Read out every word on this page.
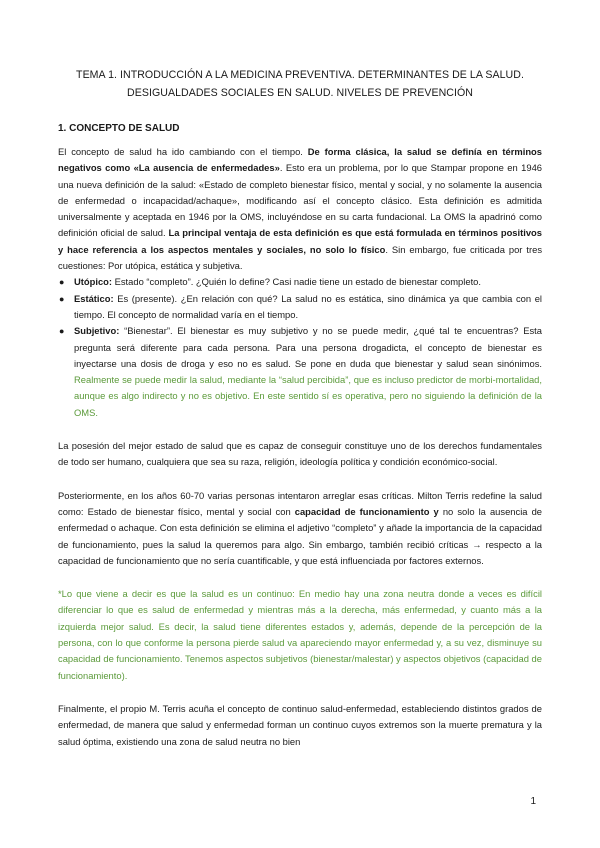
TEMA 1. INTRODUCCIÓN A LA MEDICINA PREVENTIVA. DETERMINANTES DE LA SALUD.
DESIGUALDADES SOCIALES EN SALUD. NIVELES DE PREVENCIÓN
1. CONCEPTO DE SALUD

El concepto de salud ha ido cambiando con el tiempo. De forma clásica, la salud se definía en términos negativos como «La ausencia de enfermedades». Esto era un problema, por lo que Stampar propone en 1946 una nueva definición de la salud: «Estado de completo bienestar físico, mental y social, y no solamente la ausencia de enfermedad o incapacidad/achaque», modificando así el concepto clásico. Esta definición es admitida universalmente y aceptada en 1946 por la OMS, incluyéndose en su carta fundacional. La OMS la apadrinó como definición oficial de salud. La principal ventaja de esta definición es que está formulada en términos positivos y hace referencia a los aspectos mentales y sociales, no solo lo físico. Sin embargo, fue criticada por tres cuestiones: Por utópica, estática y subjetiva.

● Utópico: Estado “completo”. ¿Quién lo define? Casi nadie tiene un estado de bienestar completo.
● Estático: Es (presente). ¿En relación con qué? La salud no es estática, sino dinámica ya que cambia con el tiempo. El concepto de normalidad varía en el tiempo.
● Subjetivo: “Bienestar”. El bienestar es muy subjetivo y no se puede medir, ¿qué tal te encuentras? Esta pregunta será diferente para cada persona. Para una persona drogadicta, el concepto de bienestar es inyectarse una dosis de droga y eso no es salud. Se pone en duda que bienestar y salud sean sinónimos. Realmente se puede medir la salud, mediante la “salud percibida”, que es incluso predictor de morbi-mortalidad, aunque es algo indirecto y no es objetivo. En este sentido sí es operativa, pero no siguiendo la definición de la OMS.

La posesión del mejor estado de salud que es capaz de conseguir constituye uno de los derechos fundamentales de todo ser humano, cualquiera que sea su raza, religión, ideología política y condición económico-social.

Posteriormente, en los años 60-70 varias personas intentaron arreglar esas críticas. Milton Terris redefine la salud como: Estado de bienestar físico, mental y social con capacidad de funcionamiento y no solo la ausencia de enfermedad o achaque. Con esta definición se elimina el adjetivo “completo” y añade la importancia de la capacidad de funcionamiento, pues la salud la queremos para algo. Sin embargo, también recibió críticas → respecto a la capacidad de funcionamiento que no sería cuantificable, y que está influenciada por factores externos.

*Lo que viene a decir es que la salud es un continuo: En medio hay una zona neutra donde a veces es difícil diferenciar lo que es salud de enfermedad y mientras más a la derecha, más enfermedad, y cuanto más a la izquierda mejor salud. Es decir, la salud tiene diferentes estados y, además, depende de la percepción de la persona, con lo que conforme la persona pierde salud va apareciendo mayor enfermedad y, a su vez, disminuye su capacidad de funcionamiento. Tenemos aspectos subjetivos (bienestar/malestar) y aspectos objetivos (capacidad de funcionamiento).

Finalmente, el propio M. Terris acuña el concepto de continuo salud-enfermedad, estableciendo distintos grados de enfermedad, de manera que salud y enfermedad forman un continuo cuyos extremos son la muerte prematura y la salud óptima, existiendo una zona de salud neutra no bien

1
